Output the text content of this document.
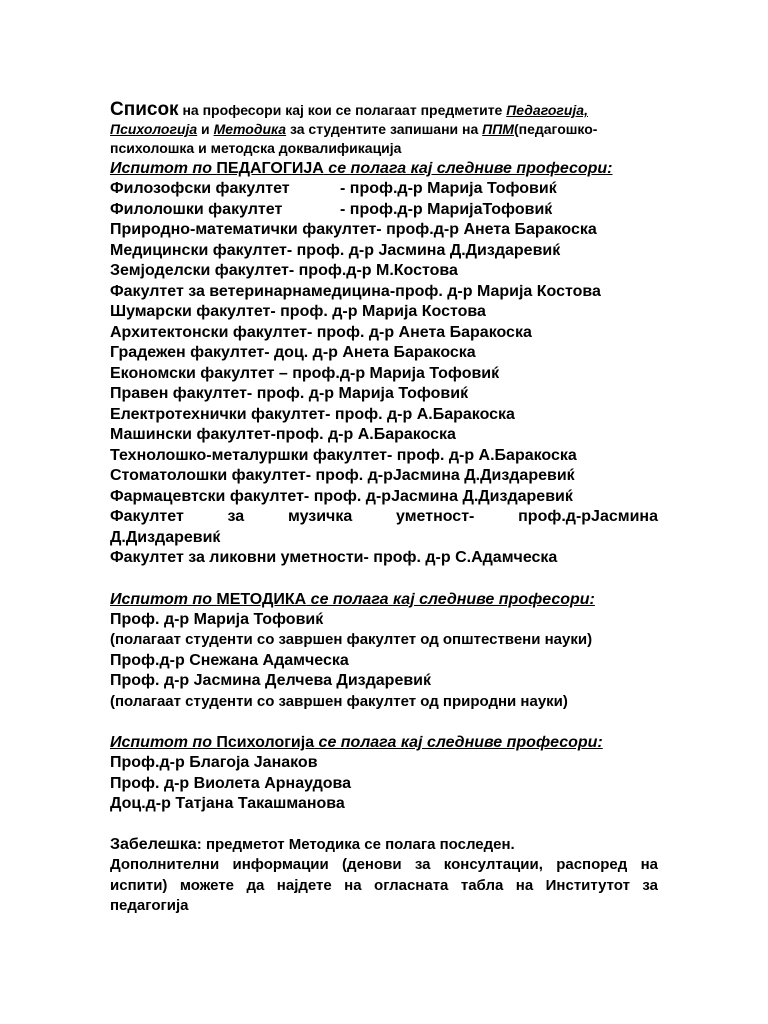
Список на професори кај кои се полагаат предметите Педагогија,
Психологија и Методика за студентите запишани на ППМ(педагошко-
психолошка и методска доквалификација
Испитот по ПЕДАГОГИЈА се полага кај следниве професори:
Филозофски факултет	- проф.д-р Марија Тофовиќ
Филолошки факултет	- проф.д-р МаријаТофовиќ
Природно-математички факултет- проф.д-р Анета Баракоска
Медицински факултет- проф. д-р Јасмина Д.Диздаревиќ
Земјоделски факултет- проф.д-р М.Костова
Факултет за ветеринарнамедицина-проф. д-р Марија Костова
Шумарски факултет- проф. д-р Марија Костова
Архитектонски факултет- проф. д-р Анета Баракоска
Градежен факултет- доц. д-р Анета Баракоска
Економски факултет – проф.д-р Марија Тофовиќ
Правен факултет- проф. д-р Марија Тофовиќ
Електротехнички факултет- проф. д-р А.Баракоска
Машински факултет-проф. д-р А.Баракоска
Технолошко-металуршки факултет- проф. д-р А.Баракоска
Стоматолошки факултет- проф. д-рЈасмина Д.Диздаревиќ
Фармацевтски факултет- проф. д-рЈасмина Д.Диздаревиќ
Факултет	за	музичка	уметност-	проф.д-рЈасмина
Д.Диздаревиќ
Факултет за ликовни уметности- проф. д-р С.Адамческа
Испитот по МЕТОДИКА се полага кај следниве професори:
Проф. д-р Марија Тофовиќ
(полагаат студенти со завршен факултет од општествени науки)
Проф.д-р Снежана Адамческа
Проф. д-р Јасмина Делчева Диздаревиќ
(полагаат студенти со завршен факултет од природни науки)
Испитот по Психологија се полага кај следниве професори:
Проф.д-р Благоја Јанаков
Проф. д-р Виолета Арнаудова
Доц.д-р Татјана Такашманова
Забелешка: предметот Методика се полага последен.
Дополнителни информации (денови за консултации, распоред на испити) можете да најдете на огласната табла на Институтот за педагогија
